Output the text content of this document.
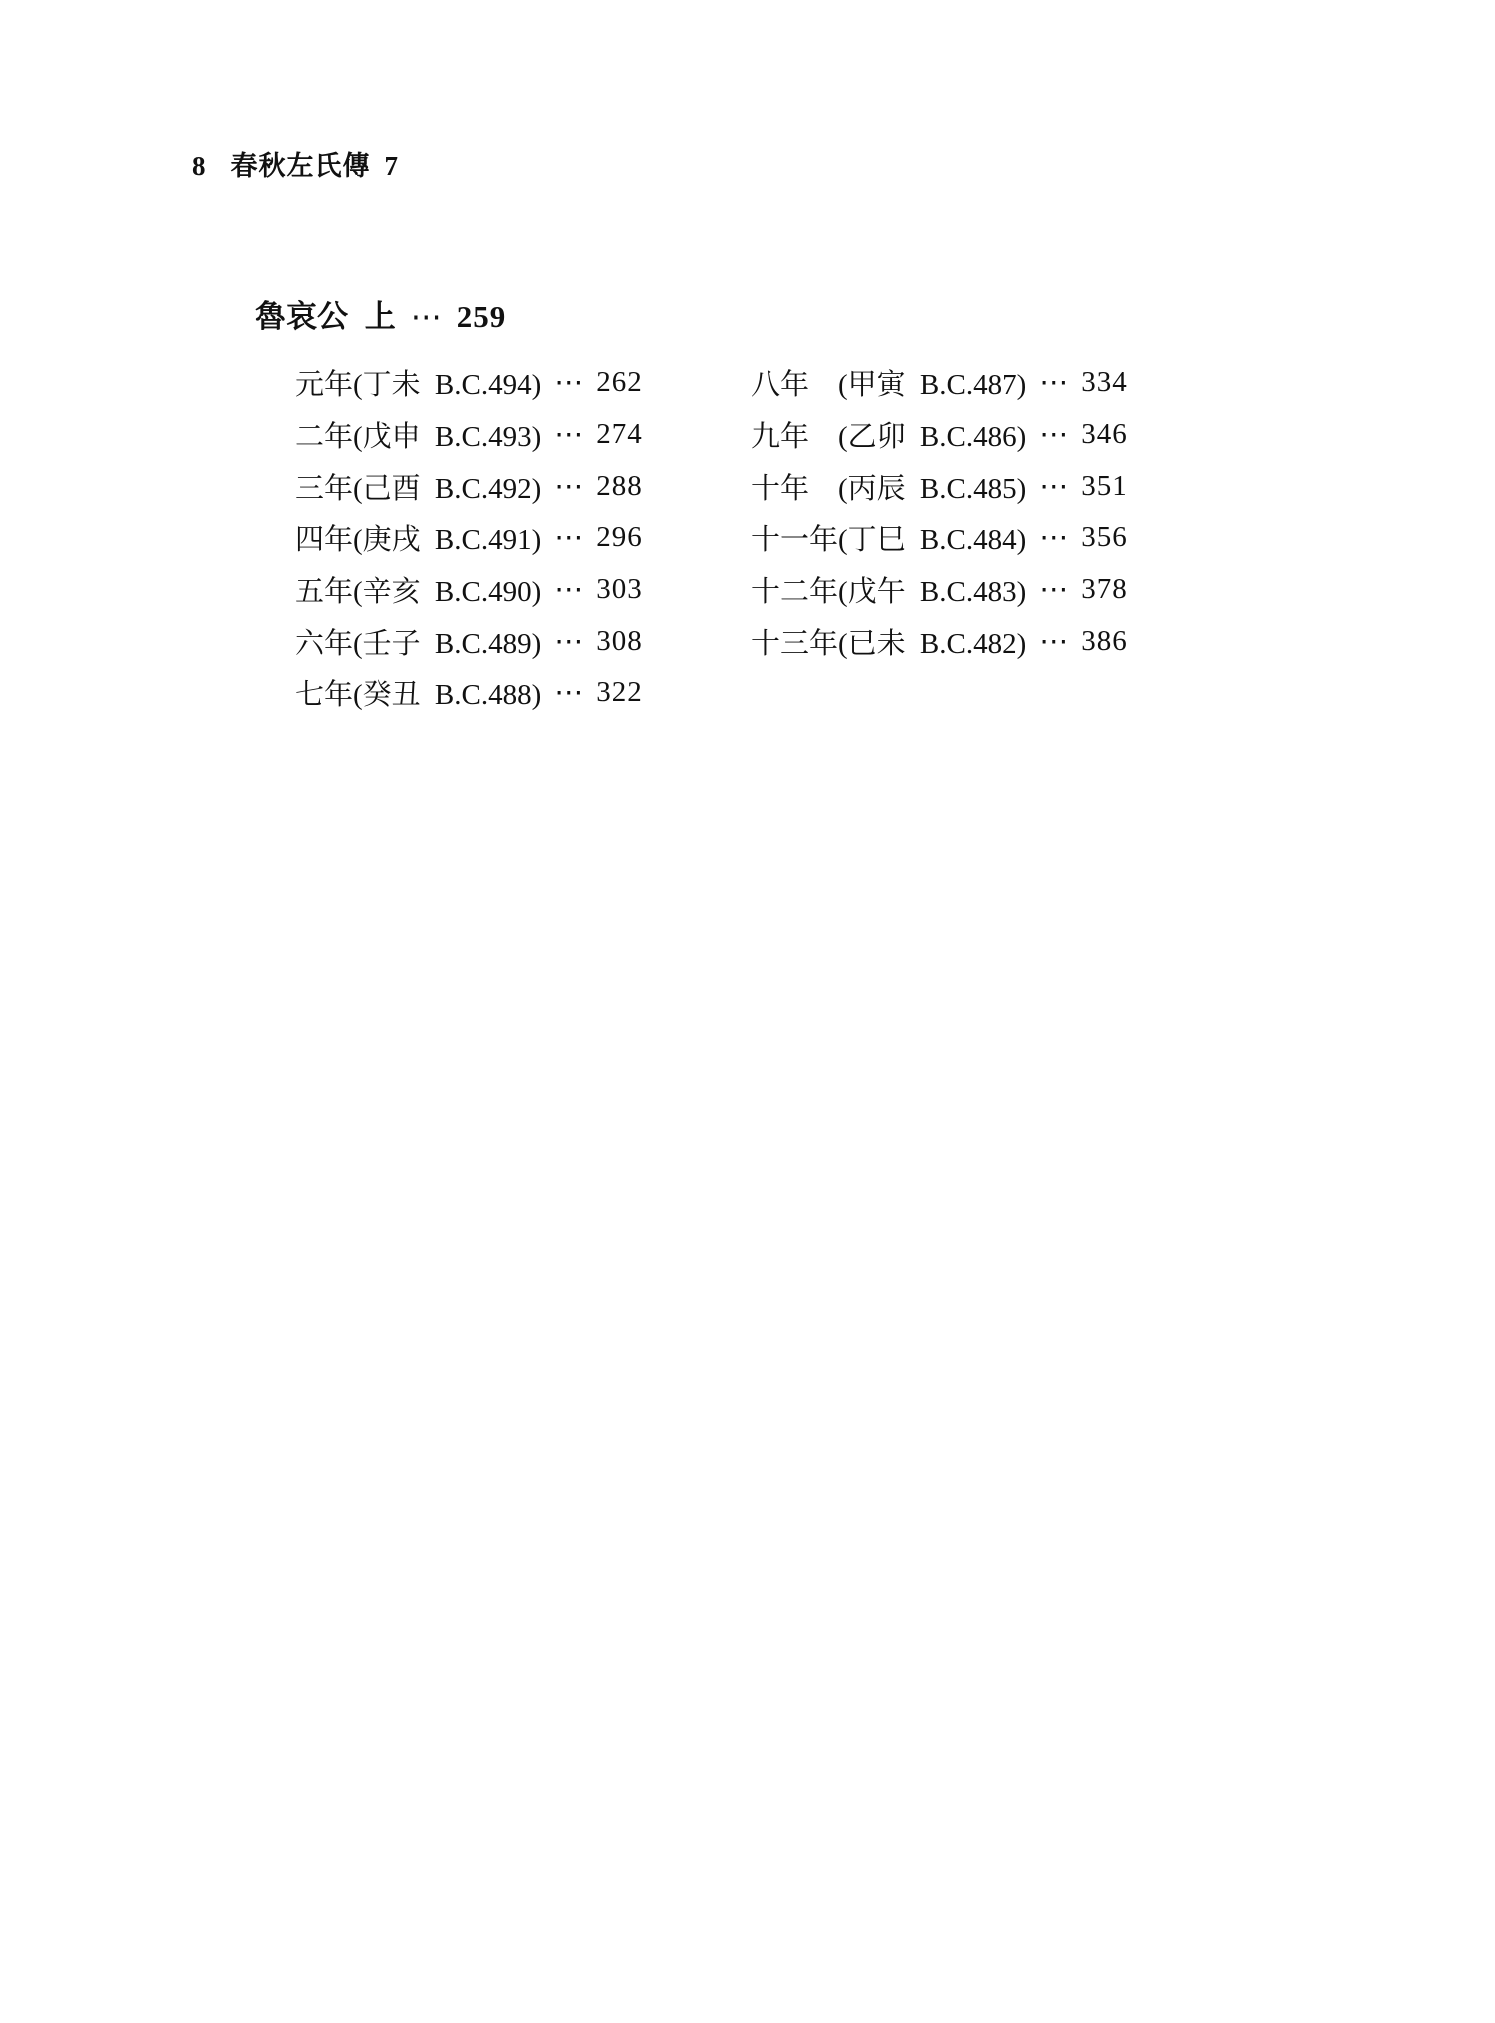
8 春秋左氏傳 7
魯哀公 上 ⋯ 259
元年(丁未 B.C.494) ⋯ 262
二年(戊申 B.C.493) ⋯ 274
三年(己酉 B.C.492) ⋯ 288
四年(庚戌 B.C.491) ⋯ 296
五年(辛亥 B.C.490) ⋯ 303
六年(壬子 B.C.489) ⋯ 308
七年(癸丑 B.C.488) ⋯ 322
八年　(甲寅 B.C.487) ⋯ 334
九年　(乙卯 B.C.486) ⋯ 346
十年　(丙辰 B.C.485) ⋯ 351
十一年(丁巳 B.C.484) ⋯ 356
十二年(戊午 B.C.483) ⋯ 378
十三年(已未 B.C.482) ⋯ 386
